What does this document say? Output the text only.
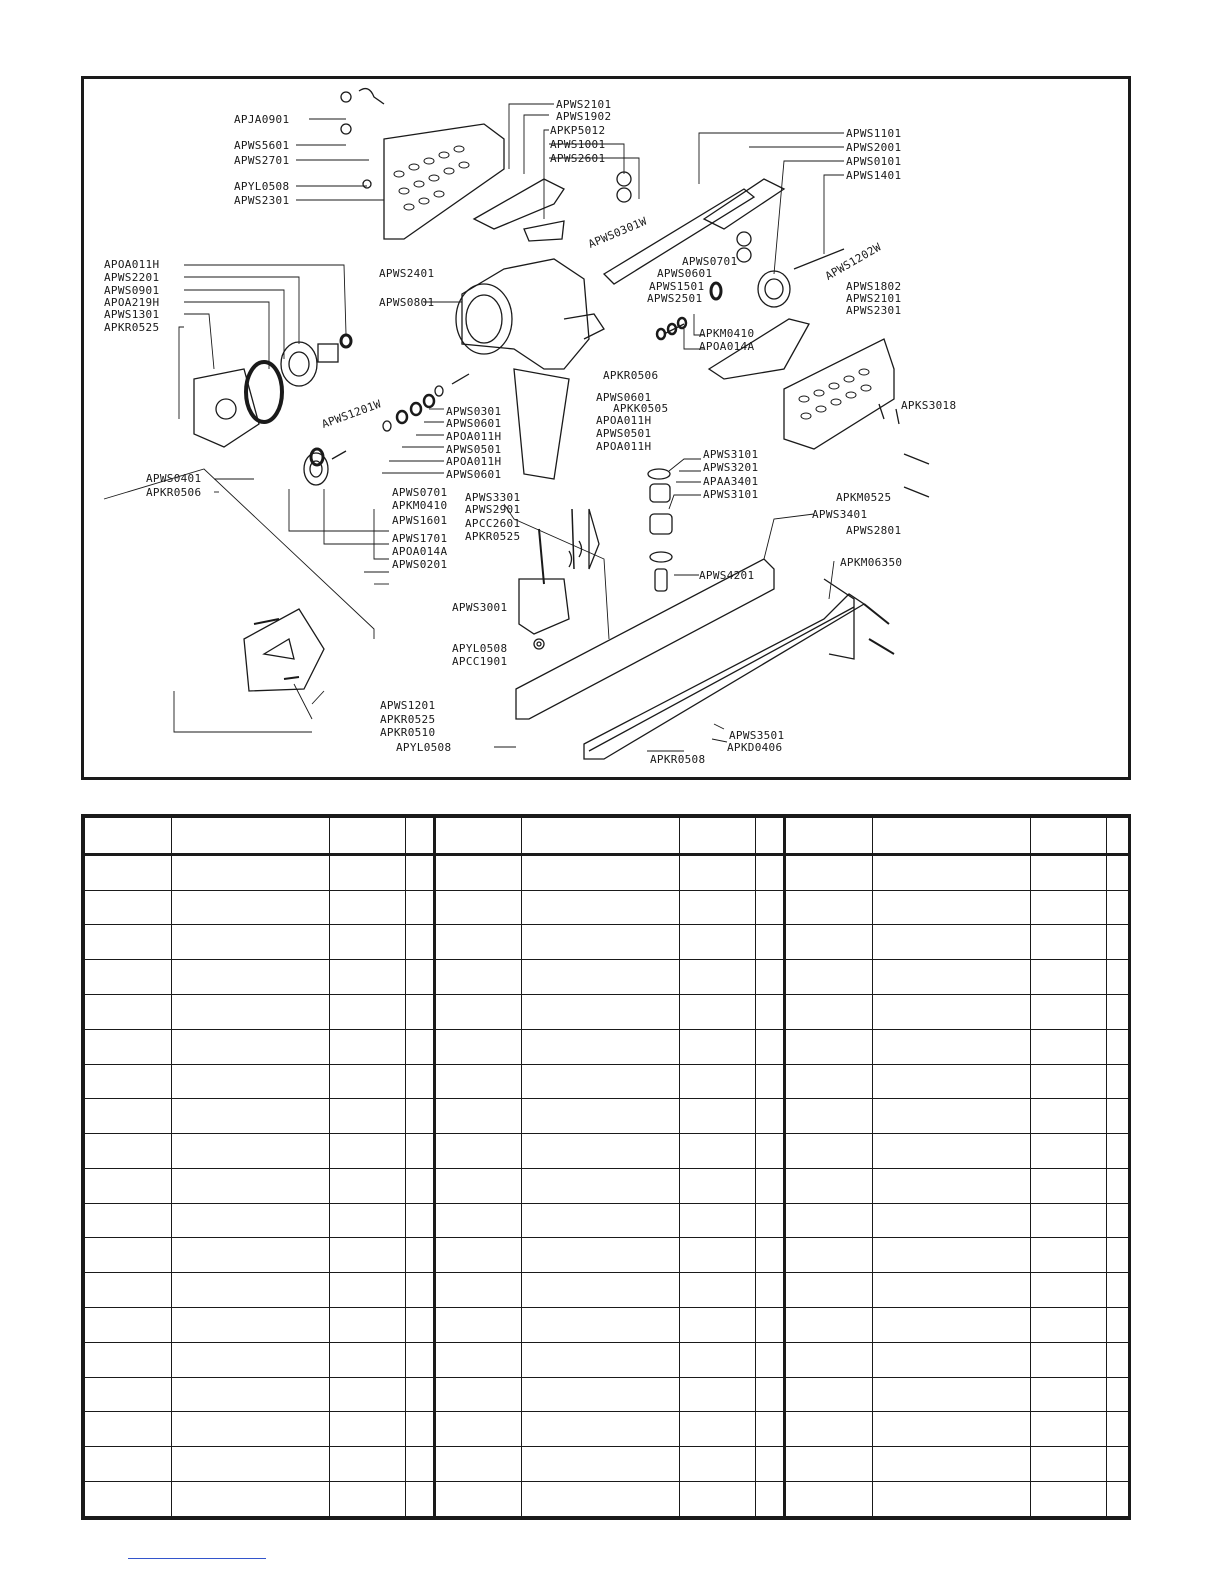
APJA0901
APWS5601
APWS2701
APYL0508
APWS2301
APWS2101
APWS1902
APKP5012
APWS1001
APWS2601
APWS0301W
APWS1101
APWS2001
APWS0101
APWS1401
APWS1202W
APWS0701
APWS0601
APWS1501
APWS2501
APWS1802
APWS2101
APWS2301
APWS2401
APOA011H
APWS2201
APWS0901
APOA219H
APWS1301
APKR0525
APWS0801
APKM0410
APOA014A
APKR0506
APWS0601
APKK0505
APOA011H
APWS0501
APOA011H
APKS3018
APWS1201W	APWS0301
APWS0601
APOA011H
APWS0501
APOA011H
APWS0601
APWS0401
APKR0506	APWS0701
APKM0410
APWS1601
APWS1701
APOA014A
APWS0201
APWS3101
APWS3201
APAA3401
APWS3101
APWS3301
APWS2901
APCC2601
APKR0525
APKM0525
APWS3401
APWS2801
APKM06350
APWS4201
APWS3001
APYL0508
APCC1901
APWS1201
APKR0525
APKR0510
APYL0508
APWS3501
APKD0406
APKR0508
